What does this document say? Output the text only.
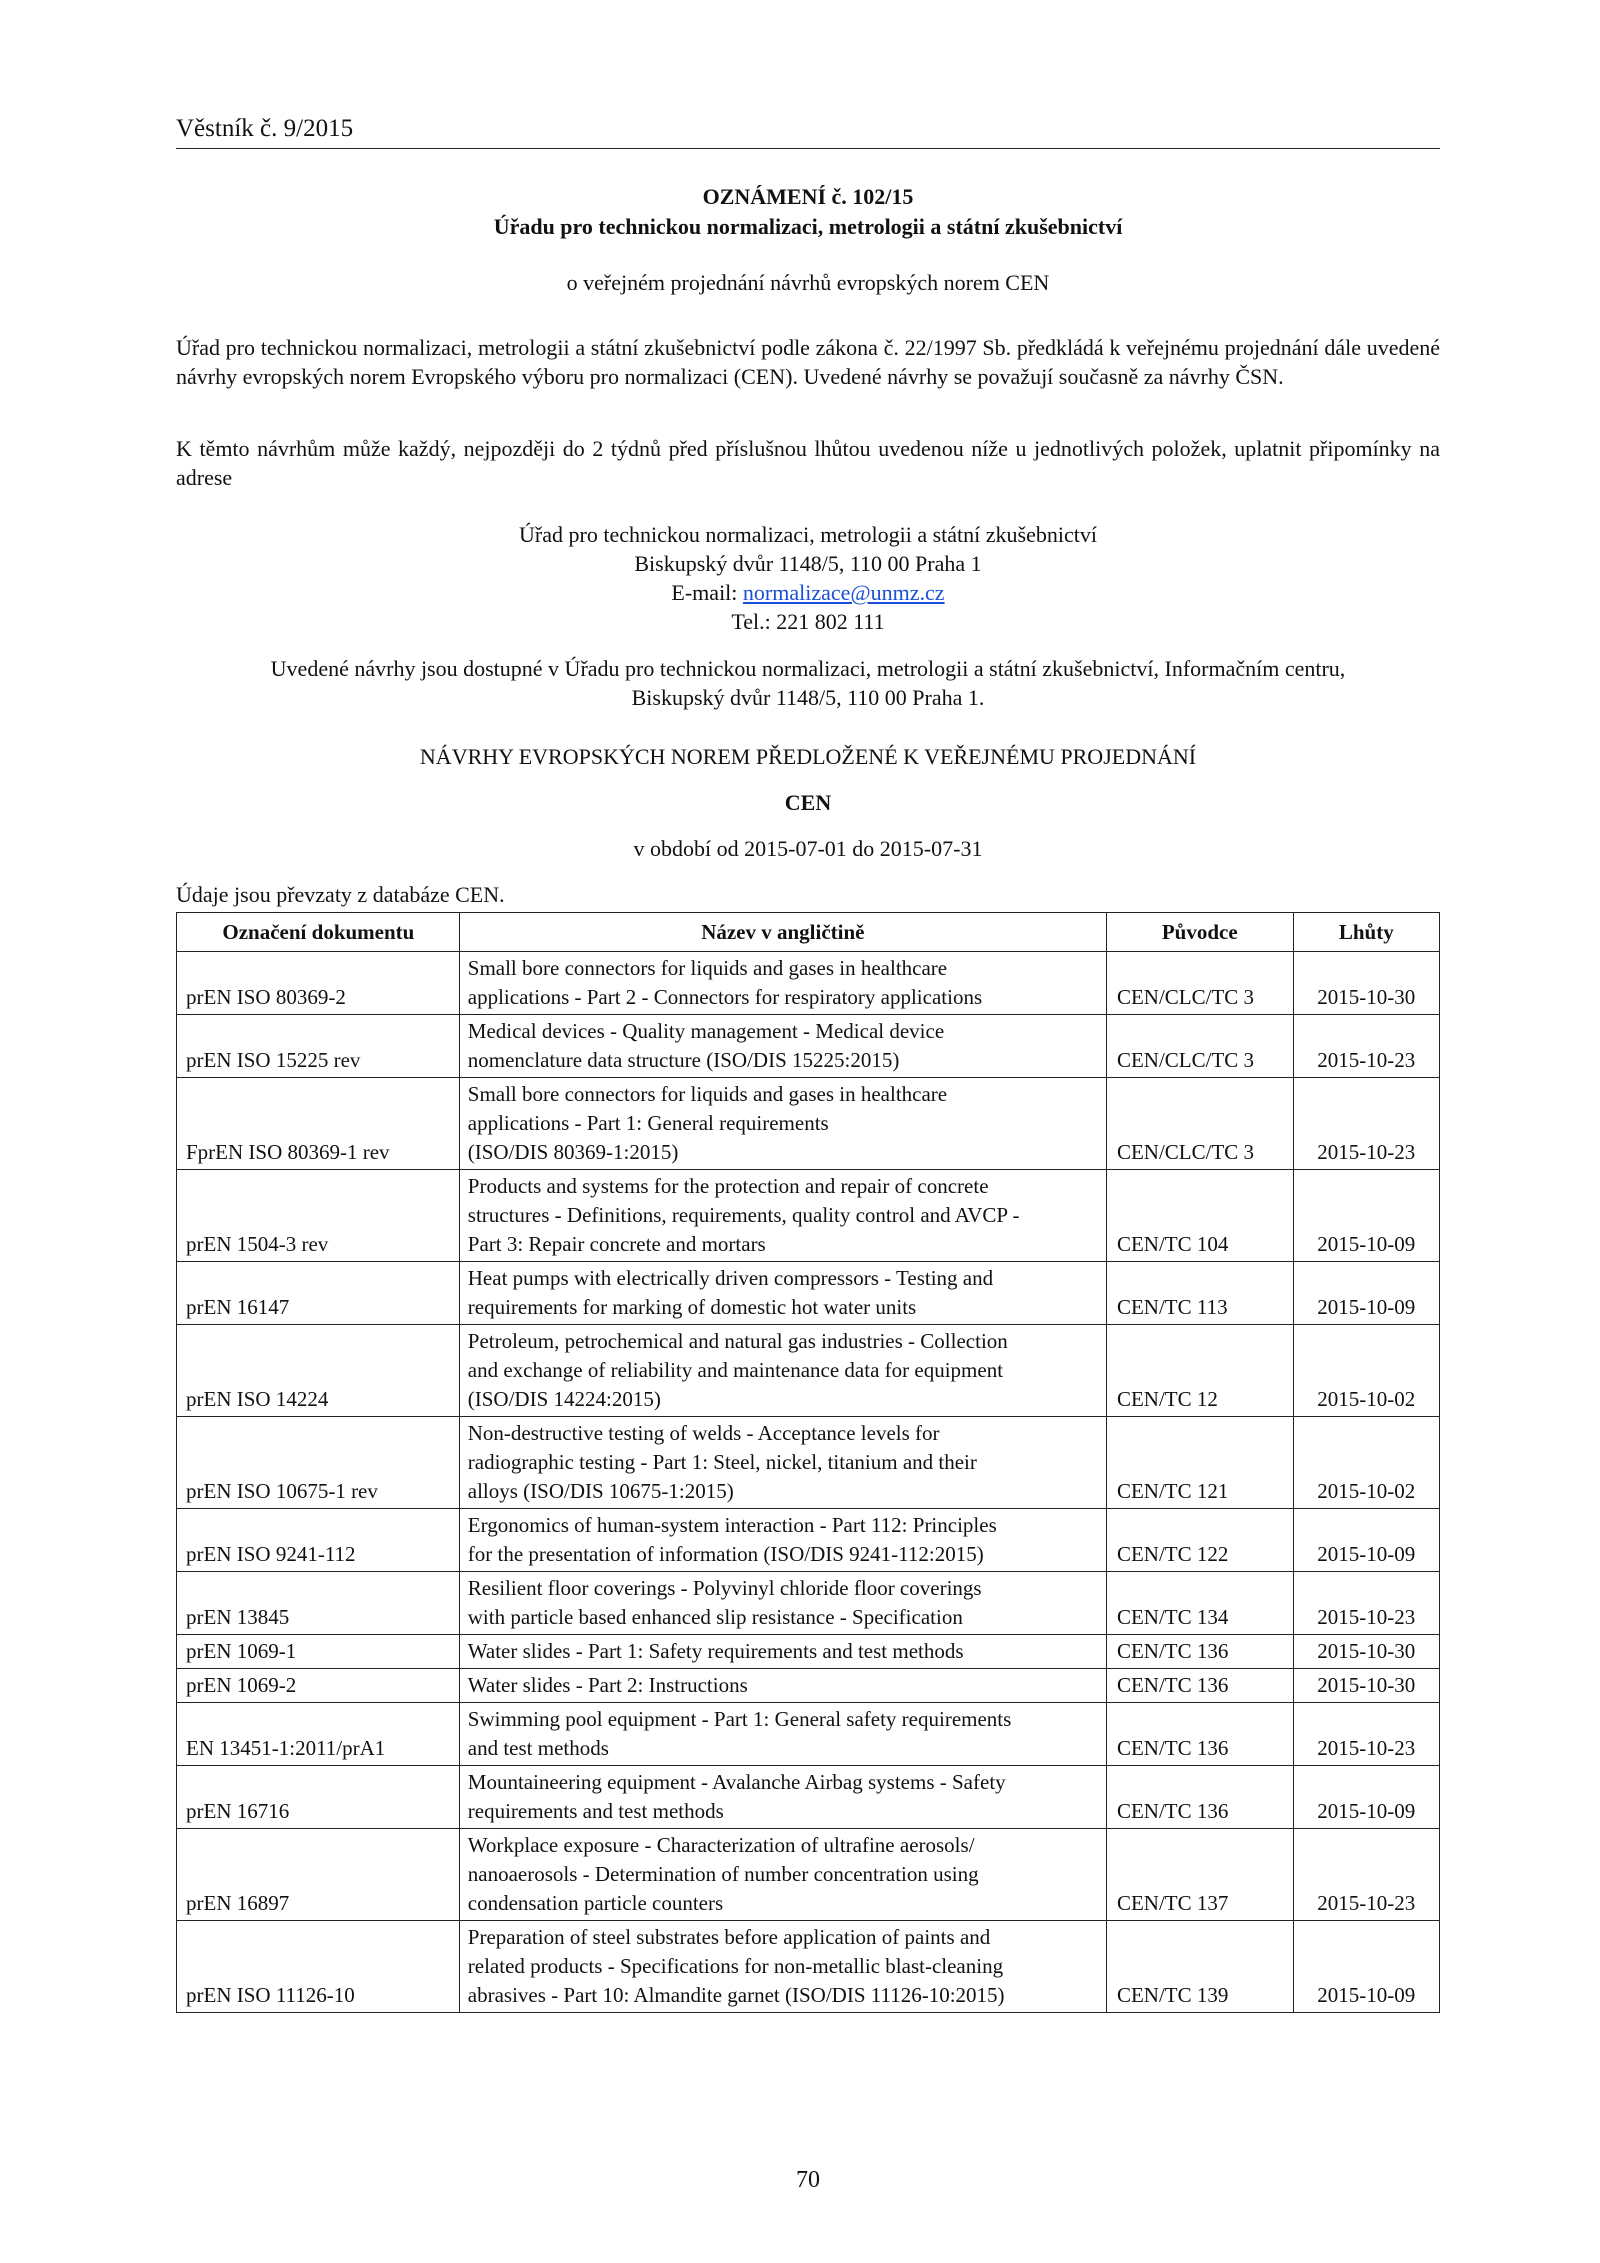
Věstník č. 9/2015
OZNÁMENÍ č. 102/15
Úřadu pro technickou normalizaci, metrologii a státní zkušebnictví
o veřejném projednání návrhů evropských norem CEN
Úřad pro technickou normalizaci, metrologii a státní zkušebnictví podle zákona č. 22/1997 Sb. předkládá k veřejnému projednání dále uvedené návrhy evropských norem Evropského výboru pro normalizaci (CEN). Uvedené návrhy se považují současně za návrhy ČSN.
K těmto návrhům může každý, nejpozději do 2 týdnů před příslušnou lhůtou uvedenou níže u jednotlivých položek, uplatnit připomínky na adrese
Úřad pro technickou normalizaci, metrologii a státní zkušebnictví
Biskupský dvůr 1148/5, 110 00 Praha 1
E-mail: normalizace@unmz.cz
Tel.: 221 802 111
Uvedené návrhy jsou dostupné v Úřadu pro technickou normalizaci, metrologii a státní zkušebnictví, Informačním centru,
Biskupský dvůr 1148/5, 110 00 Praha 1.
NÁVRHY EVROPSKÝCH NOREM PŘEDLOŽENÉ K VEŘEJNÉMU PROJEDNÁNÍ
CEN
v období od 2015-07-01 do 2015-07-31
Údaje jsou převzaty z databáze CEN.
Označení dokumentu	Název v angličtině	Původce	Lhůty
prEN ISO 80369-2	Small bore connectors for liquids and gases in healthcare
applications - Part 2 - Connectors for respiratory applications	CEN/CLC/TC 3	2015-10-30
prEN ISO 15225 rev	Medical devices - Quality management - Medical device
nomenclature data structure (ISO/DIS 15225:2015)	CEN/CLC/TC 3	2015-10-23
FprEN ISO 80369-1 rev	Small bore connectors for liquids and gases in healthcare
applications - Part 1: General requirements
(ISO/DIS 80369-1:2015)	CEN/CLC/TC 3	2015-10-23
prEN 1504-3 rev	Products and systems for the protection and repair of concrete
structures - Definitions, requirements, quality control and AVCP -
Part 3: Repair concrete and mortars	CEN/TC 104	2015-10-09
prEN 16147	Heat pumps with electrically driven compressors - Testing and
requirements for marking of domestic hot water units	CEN/TC 113	2015-10-09
prEN ISO 14224	Petroleum, petrochemical and natural gas industries - Collection
and exchange of reliability and maintenance data for equipment
(ISO/DIS 14224:2015)	CEN/TC 12	2015-10-02
prEN ISO 10675-1 rev	Non-destructive testing of welds - Acceptance levels for
radiographic testing - Part 1: Steel, nickel, titanium and their
alloys (ISO/DIS 10675-1:2015)	CEN/TC 121	2015-10-02
prEN ISO 9241-112	Ergonomics of human-system interaction - Part 112: Principles
for the presentation of information (ISO/DIS 9241-112:2015)	CEN/TC 122	2015-10-09
prEN 13845	Resilient floor coverings - Polyvinyl chloride floor coverings
with particle based enhanced slip resistance - Specification	CEN/TC 134	2015-10-23
prEN 1069-1	Water slides - Part 1: Safety requirements and test methods	CEN/TC 136	2015-10-30
prEN 1069-2	Water slides - Part 2: Instructions	CEN/TC 136	2015-10-30
EN 13451-1:2011/prA1	Swimming pool equipment - Part 1: General safety requirements
and test methods	CEN/TC 136	2015-10-23
prEN 16716	Mountaineering equipment - Avalanche Airbag systems - Safety
requirements and test methods	CEN/TC 136	2015-10-09
prEN 16897	Workplace exposure - Characterization of ultrafine aerosols/
nanoaerosols - Determination of number concentration using
condensation particle counters	CEN/TC 137	2015-10-23
prEN ISO 11126-10	Preparation of steel substrates before application of paints and
related products - Specifications for non-metallic blast-cleaning
abrasives - Part 10: Almandite garnet (ISO/DIS 11126-10:2015)	CEN/TC 139	2015-10-09
70
